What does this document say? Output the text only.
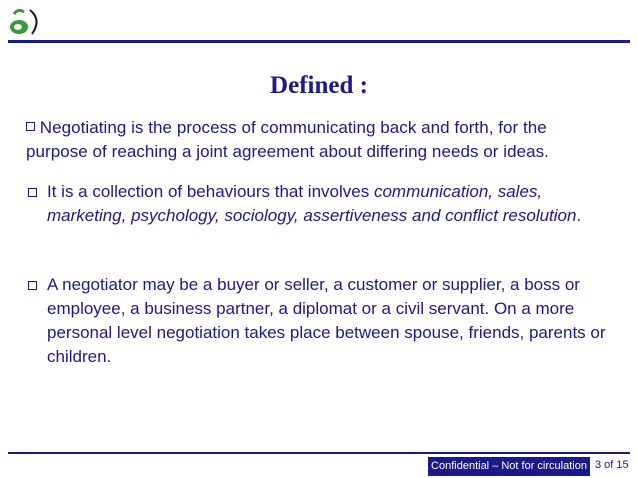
Defined :
Negotiating is the process of communicating back and forth, for the
purpose of reaching a joint agreement about differing needs or ideas.
It is a collection of behaviours that involves communication, sales, marketing, psychology, sociology, assertiveness and conflict resolution.
A negotiator may be a buyer or seller, a customer or supplier, a boss or employee, a business partner, a diplomat or a civil servant. On a more personal level negotiation takes place between spouse, friends, parents or children.
Confidential – Not for circulation 3 of 15
